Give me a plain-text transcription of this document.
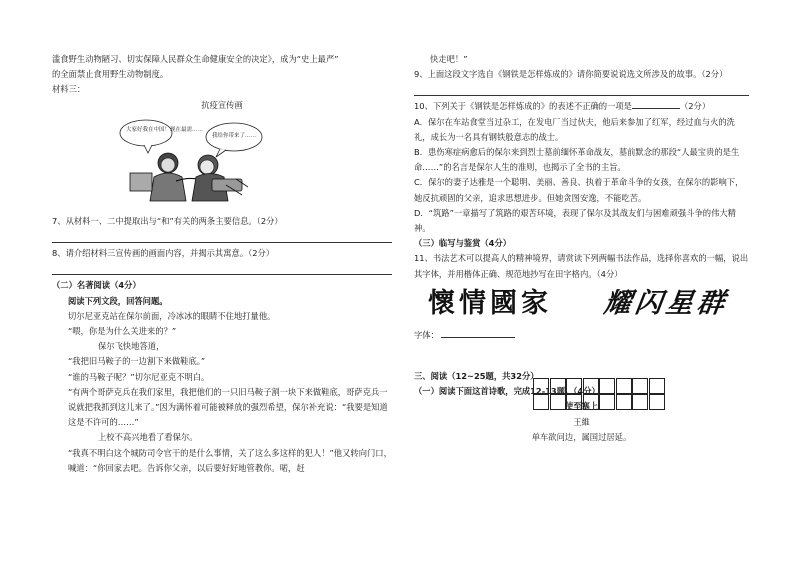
滥食野生动物陋习、切实保障人民群众生命健康安全的决定》，成为“史上最严”

的全面禁止食用野生动物制度。

材料三：

抗疫宣传画

大家好我在中国！现在最需……
我给你带来了……

7、从材料一、二中提取出与“和”有关的两条主要信息。（2分）

8、请介绍材料三宣传画的画面内容，并揭示其寓意。（2分）

（二）名著阅读（4分）

阅读下列文段，回答问题。

切尔尼亚克站在保尔前面，冷冰冰的眼睛不住地打量他。

“喂，你是为什么关进来的？”

保尔飞快地答道，

“我把旧马鞍子的一边割下来做鞋底。”

“谁的马鞍子呢？”切尔尼亚克不明白。

“有两个哥萨克兵在我们家里，我把他们的一只旧马鞍子割一块下来做鞋底，哥萨克兵一说就把我抓到这儿来了。”因为满怀着可能被释放的强烈希望，保尔补充说：“我要是知道这是不许可的……”

上校不高兴地看了看保尔。

“我真不明白这个城防司令官干的是什么事情，关了这么多这样的犯人！”他又转向门口，喊道：“你回家去吧。告诉你父亲，以后要好好地管教你。喏，赶

快走吧！”

9、上面这段文字选自《钢铁是怎样炼成的》请你简要说说选文所涉及的故事。（2分）

10、下列关于《钢铁是怎样炼成的》的表述不正确的一项是	（2分）

A．保尔在车站食堂当过杂工，在发电厂当过伙夫，他后来参加了红军，经过血与火的洗礼，成长为一名具有钢铁般意志的战士。

B．患伤寒症病愈后的保尔来到烈士墓前缅怀革命战友，墓前默念的那段“人最宝贵的是生命……”的名言是保尔人生的准则，也揭示了全书的主旨。

C．保尔的妻子达雅是一个聪明、美丽、善良、执着于革命斗争的女孩，在保尔的影响下，她反抗顽固的父亲，追求思想进步。但她贪图安逸，不能吃苦。

D．“筑路”一章描写了筑路的艰苦环境，表现了保尔及其战友们与困难顽强斗争的伟大精神。

（三）临写与鉴赏（4分）

11、书法艺术可以提高人的精神境界，请赏读下列两幅书法作品，选择你喜欢的一幅，说出其字体，并用楷体正确、规范地抄写在田字格内。（4分）

懷情國家 耀闪星群

字体：

三、阅读（12~25题，共32分）

（一）阅读下面这首诗歌，完成12-13题。（4分）

使至塞上

王維

单车欲问边，属国过居延。
